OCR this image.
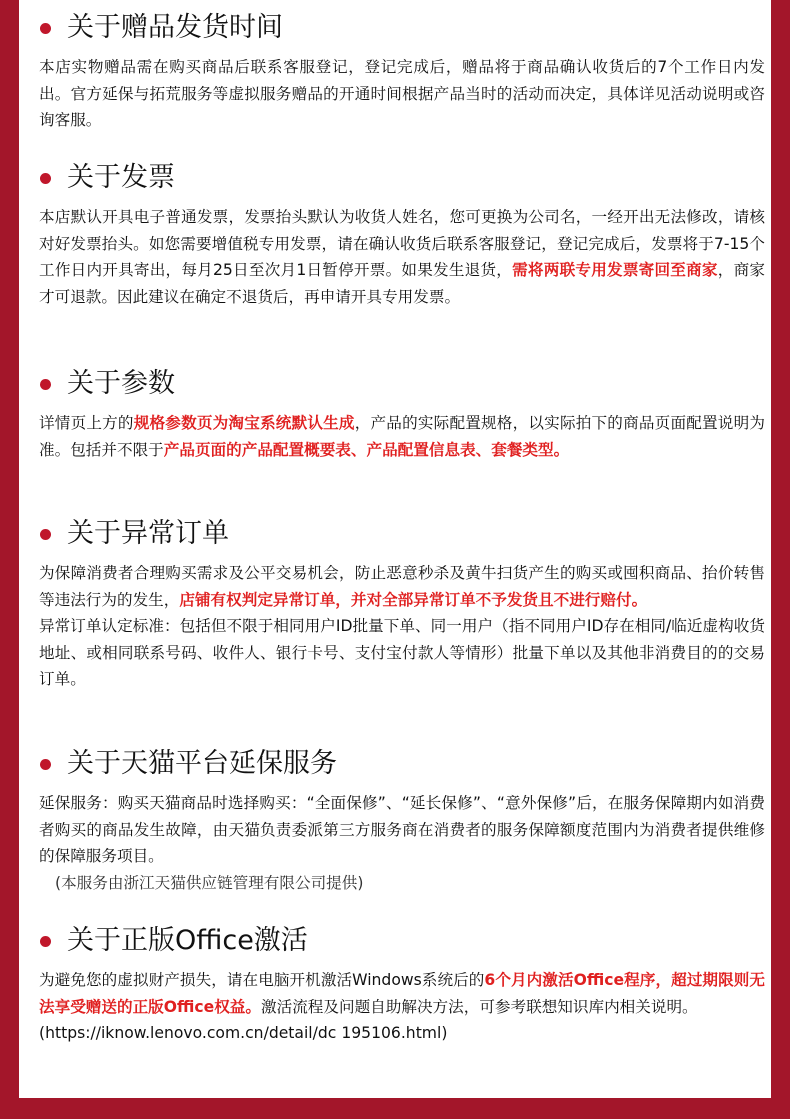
关于赠品发货时间
本店实物赠品需在购买商品后联系客服登记，登记完成后，赠品将于商品确认收货后的7个工作日内发出。官方延保与拓荒服务等虚拟服务赠品的开通时间根据产品当时的活动而决定，具体详见活动说明或咨询客服。
关于发票
本店默认开具电子普通发票，发票抬头默认为收货人姓名，您可更换为公司名，一经开出无法修改，请核对好发票抬头。如您需要增值税专用发票，请在确认收货后联系客服登记，登记完成后，发票将于7-15个工作日内开具寄出，每月25日至次月1日暂停开票。如果发生退货，需将两联专用发票寄回至商家，商家才可退款。因此建议在确定不退货后，再申请开具专用发票。
关于参数
详情页上方的规格参数页为淘宝系统默认生成，产品的实际配置规格，以实际拍下的商品页面配置说明为准。包括并不限于产品页面的产品配置概要表、产品配置信息表、套餐类型。
关于异常订单
为保障消费者合理购买需求及公平交易机会，防止恶意秒杀及黄牛扫货产生的购买或囤积商品、抬价转售等违法行为的发生，店铺有权判定异常订单，并对全部异常订单不予发货且不进行赔付。
异常订单认定标准：包括但不限于相同用户ID批量下单、同一用户（指不同用户ID存在相同/临近虚构收货地址、或相同联系号码、收件人、银行卡号、支付宝付款人等情形）批量下单以及其他非消费目的的交易订单。
关于天猫平台延保服务
延保服务：购买天猫商品时选择购买：“全面保修”、“延长保修”、“意外保修”后，在服务保障期内如消费者购买的商品发生故障，由天猫负责委派第三方服务商在消费者的服务保障额度范围内为消费者提供维修的保障服务项目。
(本服务由浙江天猫供应链管理有限公司提供)
关于正版Office激活
为避免您的虚拟财产损失，请在电脑开机激活Windows系统后的6个月内激活Office程序，超过期限则无法享受赠送的正版Office权益。激活流程及问题自助解决方法，可参考联想知识库内相关说明。
(https://iknow.lenovo.com.cn/detail/dc 195106.html)
